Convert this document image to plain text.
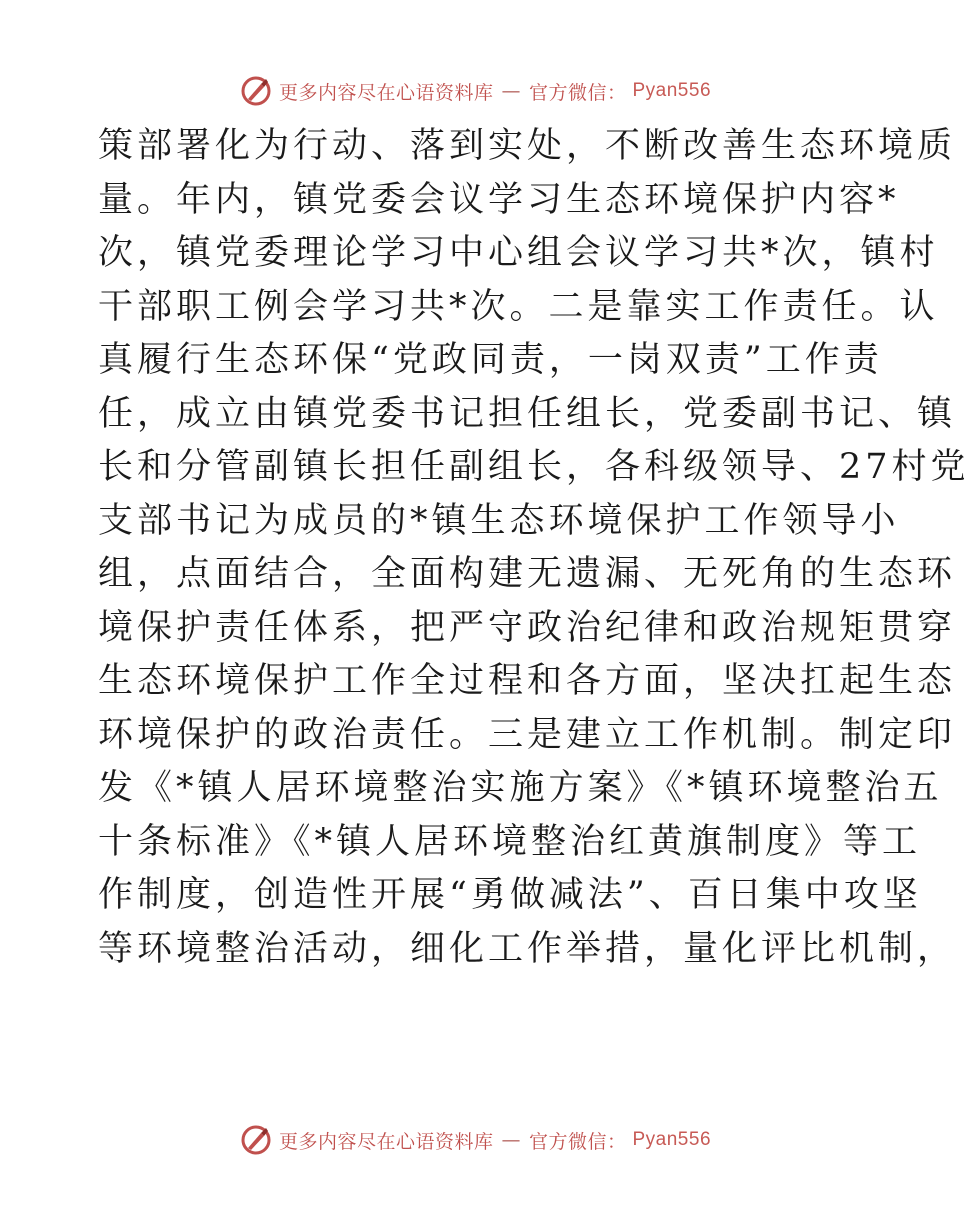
更多内容尽在心语资料库 — 官方微信： Pyan556
策部署化为行动、落到实处，不断改善生态环境质
量。年内，镇党委会议学习生态环境保护内容*
次，镇党委理论学习中心组会议学习共*次，镇村
干部职工例会学习共*次。二是靠实工作责任。认
真履行生态环保“党政同责，一岗双责”工作责
任，成立由镇党委书记担任组长，党委副书记、镇
长和分管副镇长担任副组长，各科级领导、27村党
支部书记为成员的*镇生态环境保护工作领导小
组，点面结合，全面构建无遗漏、无死角的生态环
境保护责任体系，把严守政治纪律和政治规矩贯穿
生态环境保护工作全过程和各方面，坚决扛起生态
环境保护的政治责任。三是建立工作机制。制定印
发《*镇人居环境整治实施方案》《*镇环境整治五
十条标准》《*镇人居环境整治红黄旗制度》等工
作制度，创造性开展“勇做减法”、百日集中攻坚
等环境整治活动，细化工作举措，量化评比机制，
更多内容尽在心语资料库 — 官方微信： Pyan556
